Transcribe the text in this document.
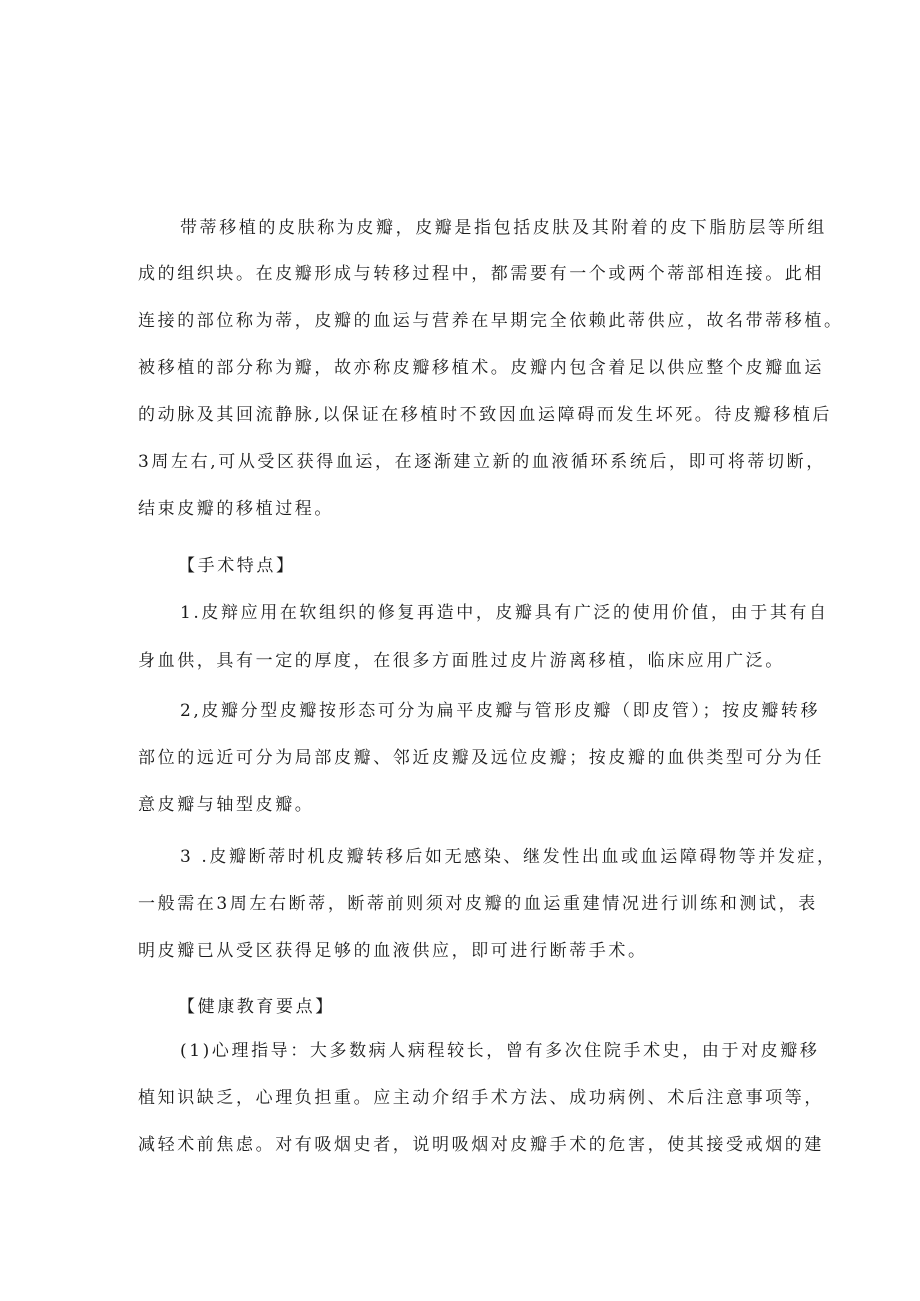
带蒂移植的皮肤称为皮瓣，皮瓣是指包括皮肤及其附着的皮下脂肪层等所组
成的组织块。在皮瓣形成与转移过程中，都需要有一个或两个蒂部相连接。此相
连接的部位称为蒂，皮瓣的血运与营养在早期完全依赖此蒂供应，故名带蒂移植。
被移植的部分称为瓣，故亦称皮瓣移植术。皮瓣内包含着足以供应整个皮瓣血运
的动脉及其回流静脉,以保证在移植时不致因血运障碍而发生坏死。待皮瓣移植后
3周左右,可从受区获得血运，在逐渐建立新的血液循环系统后，即可将蒂切断，
结束皮瓣的移植过程。
【手术特点】
1.皮辩应用在软组织的修复再造中，皮瓣具有广泛的使用价值，由于其有自
身血供，具有一定的厚度，在很多方面胜过皮片游离移植，临床应用广泛。
2,皮瓣分型皮瓣按形态可分为扁平皮瓣与管形皮瓣（即皮管）；按皮瓣转移
部位的远近可分为局部皮瓣、邻近皮瓣及远位皮瓣；按皮瓣的血供类型可分为任
意皮瓣与轴型皮瓣。
3 .皮瓣断蒂时机皮瓣转移后如无感染、继发性出血或血运障碍物等并发症，
一般需在3周左右断蒂，断蒂前则须对皮瓣的血运重建情况进行训练和测试，表
明皮瓣已从受区获得足够的血液供应，即可进行断蒂手术。
【健康教育要点】
(1)心理指导：大多数病人病程较长，曾有多次住院手术史，由于对皮瓣移
植知识缺乏，心理负担重。应主动介绍手术方法、成功病例、术后注意事项等，
减轻术前焦虑。对有吸烟史者，说明吸烟对皮瓣手术的危害，使其接受戒烟的建
